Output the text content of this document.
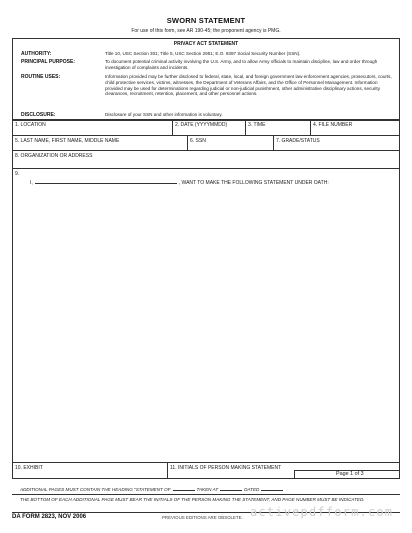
SWORN STATEMENT
For use of this form, see AR 190-45; the proponent agency is PMG.
PRIVACY ACT STATEMENT
AUTHORITY:	Title 10, USC Section 301; Title 5, USC Section 2951; E.O. 9397 Social Security Number (SSN).
PRINCIPAL PURPOSE:	To document potential criminal activity involving the U.S. Army, and to allow Army officials to maintain discipline, law and order through investigation of complaints and incidents.
ROUTINE USES:	Information provided may be further disclosed to federal, state, local, and foreign government law enforcement agencies, prosecutors, courts, child protective services, victims, witnesses, the Department of Veterans Affairs, and the Office of Personnel Management. Information provided may be used for determinations regarding judicial or non-judicial punishment, other administrative disciplinary actions, security clearances, recruitment, retention, placement, and other personnel actions.
DISCLOSURE:	Disclosure of your SSN and other information is voluntary.
1. LOCATION	2. DATE (YYYYMMDD)	3. TIME	4. FILE NUMBER
5. LAST NAME, FIRST NAME, MIDDLE NAME	6. SSN	7. GRADE/STATUS
8. ORGANIZATION OR ADDRESS
9.
I,	, WANT TO MAKE THE FOLLOWING STATEMENT UNDER OATH:
10. EXHIBIT	11. INITIALS OF PERSON MAKING STATEMENT
Page 1 of 3
ADDITIONAL PAGES MUST CONTAIN THE HEADING "STATEMENT OF	TAKEN AT	DATED
THE BOTTOM OF EACH ADDITIONAL PAGE MUST BEAR THE INITIALS OF THE PERSON MAKING THE STATEMENT, AND PAGE NUMBER MUST BE INDICATED.
DA FORM 2823, NOV 2006	PREVIOUS EDITIONS ARE OBSOLETE. activepdfform.com
